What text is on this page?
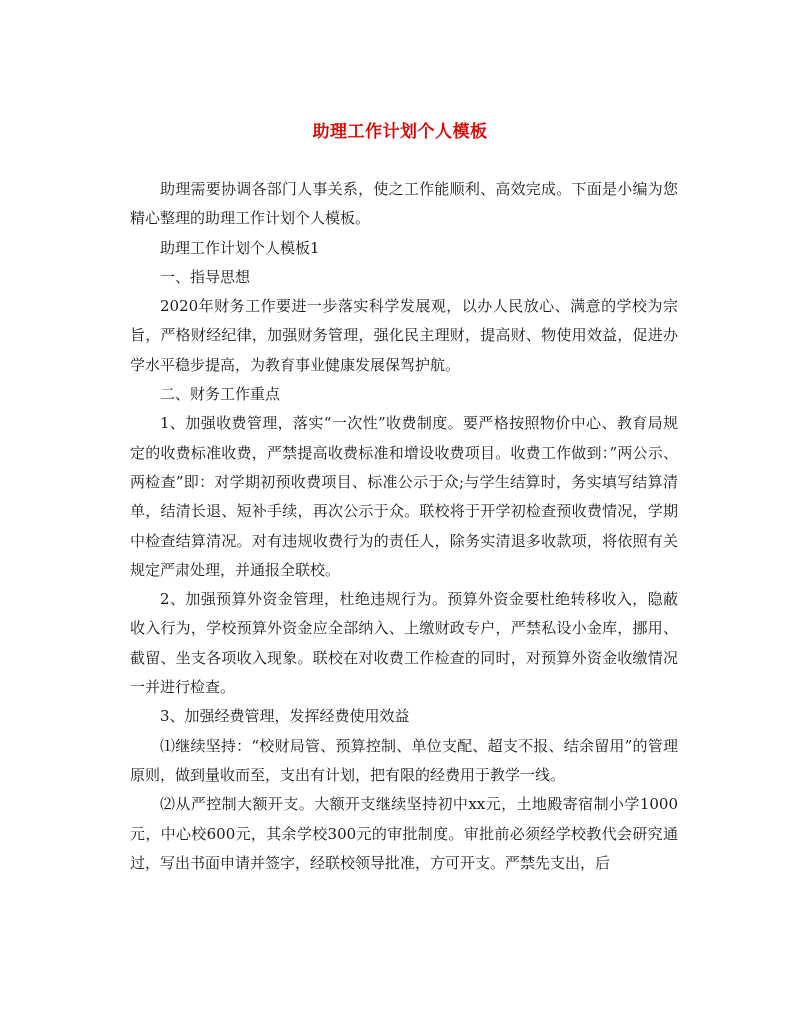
助理工作计划个人模板

助理需要协调各部门人事关系，使之工作能顺利、高效完成。下面是小编为您精心整理的助理工作计划个人模板。

助理工作计划个人模板1

一、指导思想

2020年财务工作要进一步落实科学发展观，以办人民放心、满意的学校为宗旨，严格财经纪律，加强财务管理，强化民主理财，提高财、物使用效益，促进办学水平稳步提高，为教育事业健康发展保驾护航。

二、财务工作重点

1、加强收费管理，落实“一次性”收费制度。要严格按照物价中心、教育局规定的收费标准收费，严禁提高收费标准和增设收费项目。收费工作做到：”两公示、两检查”即：对学期初预收费项目、标准公示于众;与学生结算时，务实填写结算清单，结清长退、短补手续，再次公示于众。联校将于开学初检查预收费情况，学期中检查结算清况。对有违规收费行为的责任人，除务实清退多收款项，将依照有关规定严肃处理，并通报全联校。

2、加强预算外资金管理，杜绝违规行为。预算外资金要杜绝转移收入，隐蔽收入行为，学校预算外资金应全部纳入、上缴财政专户，严禁私设小金库，挪用、截留、坐支各项收入现象。联校在对收费工作检查的同时，对预算外资金收缴情况一并进行检查。

3、加强经费管理，发挥经费使用效益

⑴继续坚持：“校财局管、预算控制、单位支配、超支不报、结余留用”的管理原则，做到量收而至，支出有计划，把有限的经费用于教学一线。

⑵从严控制大额开支。大额开支继续坚持初中xx元，土地殿寄宿制小学1000元，中心校600元，其余学校300元的审批制度。审批前必须经学校教代会研究通过，写出书面申请并签字，经联校领导批准，方可开支。严禁先支出，后
